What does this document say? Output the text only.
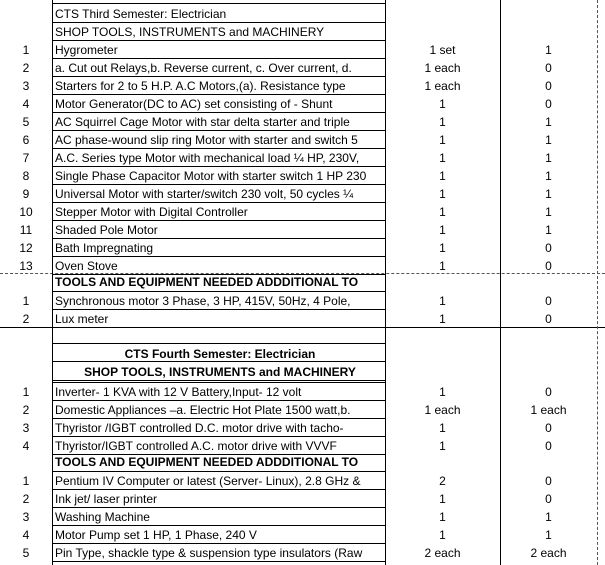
CTS Third Semester: Electrician
SHOP TOOLS, INSTRUMENTS and MACHINERY
1	Hygrometer	1 set	1
2	a. Cut out Relays,b. Reverse current, c. Over current, d.	1 each	0
3	Starters for 2 to 5 H.P. A.C Motors,(a). Resistance type	1 each	0
4	Motor Generator(DC to AC) set consisting of - Shunt	1	0
5	AC Squirrel Cage Motor with star delta starter and triple	1	1
6	AC phase-wound slip ring Motor with starter and switch 5	1	1
7	A.C. Series type Motor with mechanical load ¼ HP, 230V,	1	1
8	Single Phase Capacitor Motor with starter switch 1 HP 230	1	1
9	Universal Motor with starter/switch 230 volt, 50 cycles ¼	1	1
10	Stepper Motor with Digital Controller	1	1
11	Shaded Pole Motor	1	1
12	Bath Impregnating	1	0
13	Oven Stove	1	0
TOOLS AND EQUIPMENT NEEDED ADDDITIONAL TO
1	Synchronous motor 3 Phase, 3 HP, 415V, 50Hz, 4 Pole,	1	0
2	Lux meter	1	0
CTS Fourth Semester: Electrician
SHOP TOOLS, INSTRUMENTS and MACHINERY
1	Inverter- 1 KVA with 12 V Battery,Input- 12 volt	1	0
2	Domestic Appliances –a. Electric Hot Plate 1500 watt,b.	1 each	1 each
3	Thyristor /IGBT controlled D.C. motor drive with tacho-	1	0
4	Thyristor/IGBT controlled A.C. motor drive with VVVF	1	0
TOOLS AND EQUIPMENT NEEDED ADDDITIONAL TO
1	Pentium IV Computer or latest (Server- Linux), 2.8 GHz &	2	0
2	Ink jet/ laser printer	1	0
3	Washing Machine	1	1
4	Motor Pump set 1 HP, 1 Phase, 240 V	1	1
5	Pin Type, shackle type & suspension type insulators (Raw	2 each	2 each
